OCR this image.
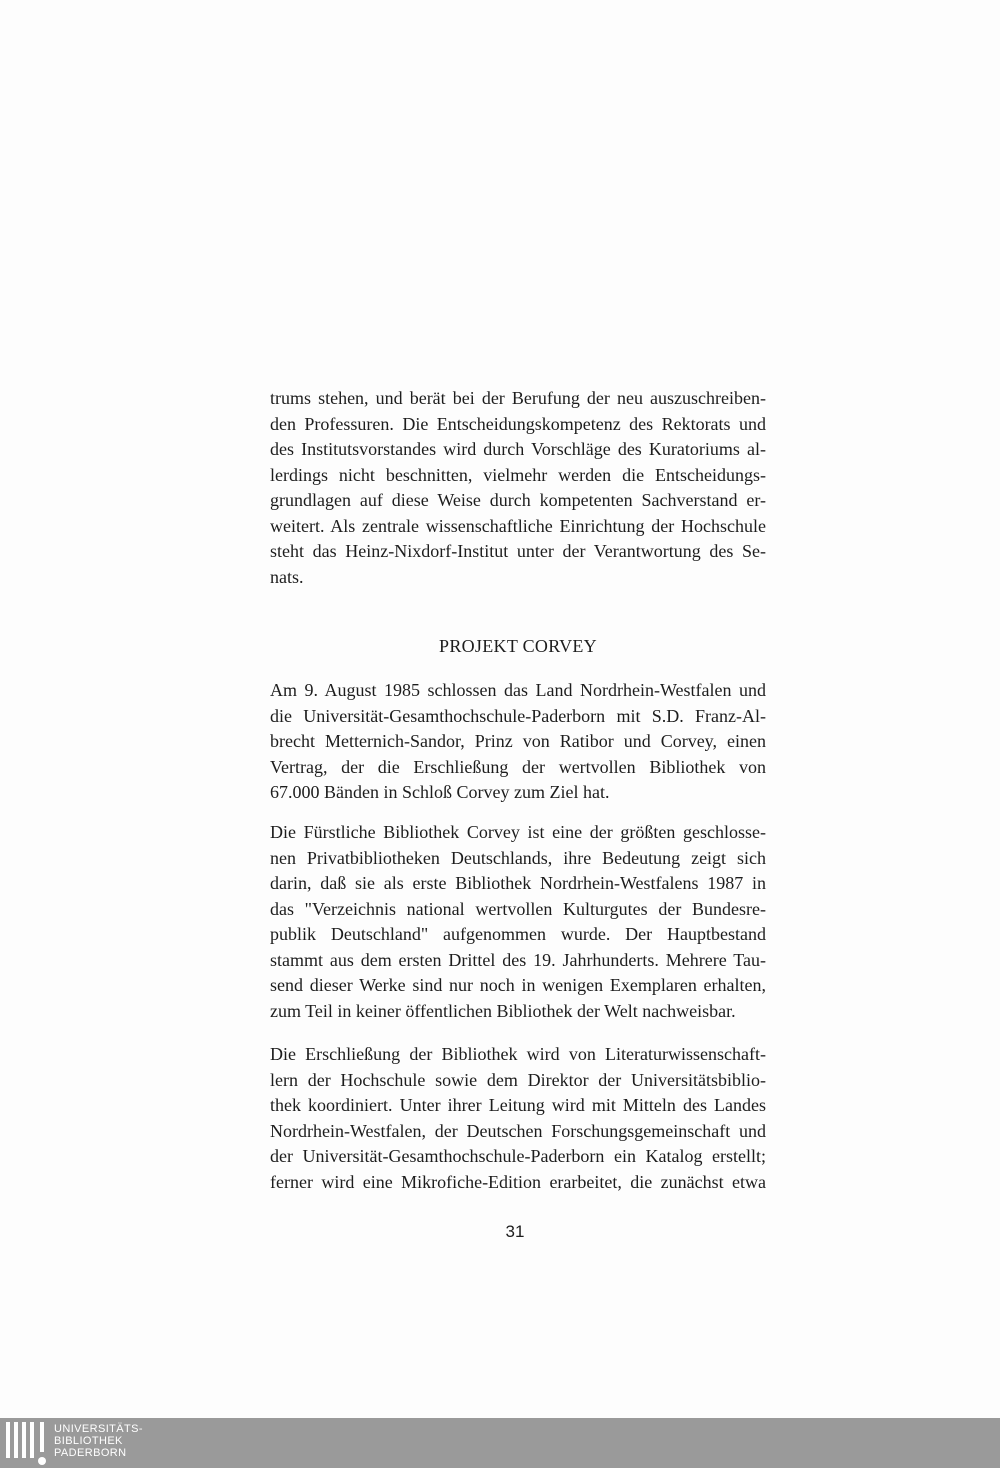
trums stehen, und berät bei der Berufung der neu auszuschreiben-
den Professuren. Die Entscheidungskompetenz des Rektorats und
des Institutsvorstandes wird durch Vorschläge des Kuratoriums al-
lerdings nicht beschnitten, vielmehr werden die Entscheidungs-
grundlagen auf diese Weise durch kompetenten Sachverstand er-
weitert. Als zentrale wissenschaftliche Einrichtung der Hochschule
steht das Heinz-Nixdorf-Institut unter der Verantwortung des Se-
nats.
PROJEKT CORVEY
Am 9. August 1985 schlossen das Land Nordrhein-Westfalen und
die Universität-Gesamthochschule-Paderborn mit S.D. Franz-Al-
brecht Metternich-Sandor, Prinz von Ratibor und Corvey, einen
Vertrag, der die Erschließung der wertvollen Bibliothek von
67.000 Bänden in Schloß Corvey zum Ziel hat.
Die Fürstliche Bibliothek Corvey ist eine der größten geschlosse-
nen Privatbibliotheken Deutschlands, ihre Bedeutung zeigt sich
darin, daß sie als erste Bibliothek Nordrhein-Westfalens 1987 in
das "Verzeichnis national wertvollen Kulturgutes der Bundesre-
publik Deutschland" aufgenommen wurde. Der Hauptbestand
stammt aus dem ersten Drittel des 19. Jahrhunderts. Mehrere Tau-
send dieser Werke sind nur noch in wenigen Exemplaren erhalten,
zum Teil in keiner öffentlichen Bibliothek der Welt nachweisbar.
Die Erschließung der Bibliothek wird von Literaturwissenschaft-
lern der Hochschule sowie dem Direktor der Universitätsbiblio-
thek koordiniert. Unter ihrer Leitung wird mit Mitteln des Landes
Nordrhein-Westfalen, der Deutschen Forschungsgemeinschaft und
der Universität-Gesamthochschule-Paderborn ein Katalog erstellt;
ferner wird eine Mikrofiche-Edition erarbeitet, die zunächst etwa
31
UNIVERSITÄTS-
BIBLIOTHEK
PADERBORN
